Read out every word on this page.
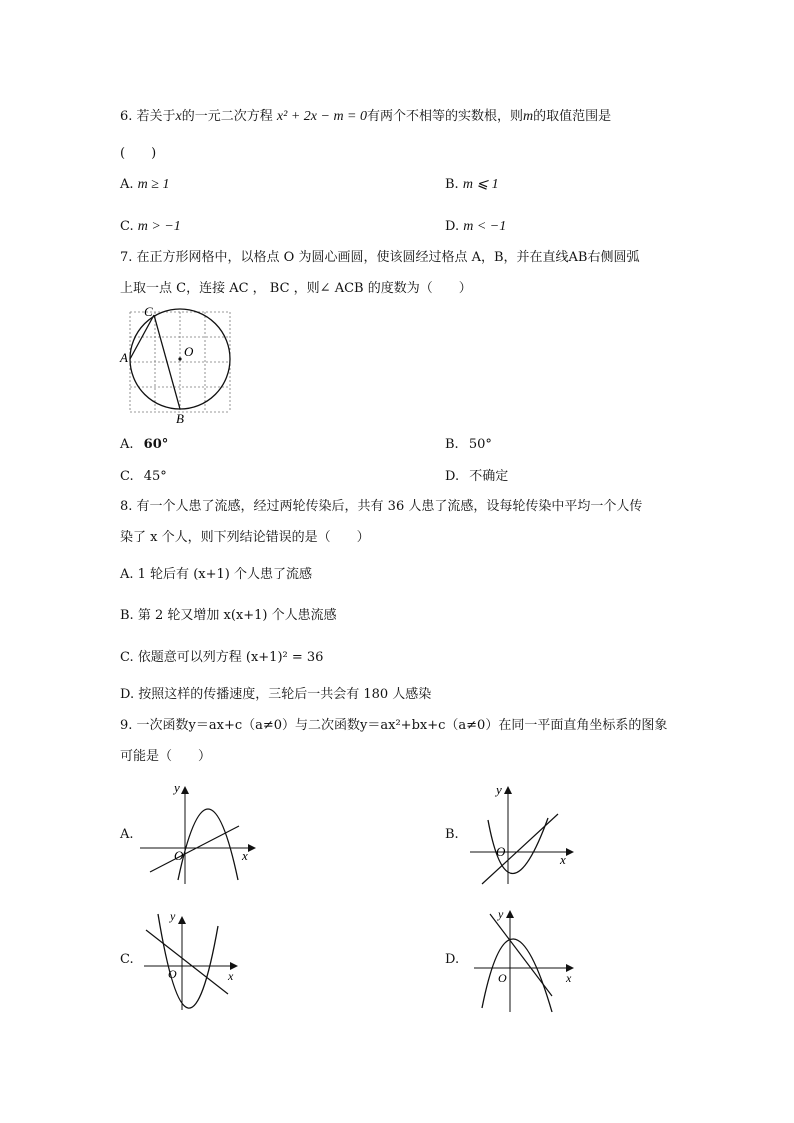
6. 若关于x的一元二次方程 x² + 2x − m = 0有两个不相等的实数根，则m的取值范围是
(　　)
A. m ≥ 1	B. m ⩽ 1
C. m > −1	D. m < −1
7. 在正方形网格中，以格点 O 为圆心画圆，使该圆经过格点 A，B，并在直线AB右侧圆弧
上取一点 C，连接 AC ， BC ，则∠ ACB 的度数为（　　）
C
A	O
B
A. 60°	B. 50°
C. 45°	D. 不确定
8. 有一个人患了流感，经过两轮传染后，共有 36 人患了流感，设每轮传染中平均一个人传
染了 x 个人，则下列结论错误的是（　　）
A. 1 轮后有 (x+1) 个人患了流感
B. 第 2 轮又增加 x(x+1) 个人患流感
C. 依题意可以列方程 (x+1)² = 36
D. 按照这样的传播速度，三轮后一共会有 180 人感染
9. 一次函数y＝ax+c（a≠0）与二次函数y＝ax²+bx+c（a≠0）在同一平面直角坐标系的图象
可能是（　　）
A.
x
y
O
B.
x
y
O
C.
x
y
O
D.
x
y
O
